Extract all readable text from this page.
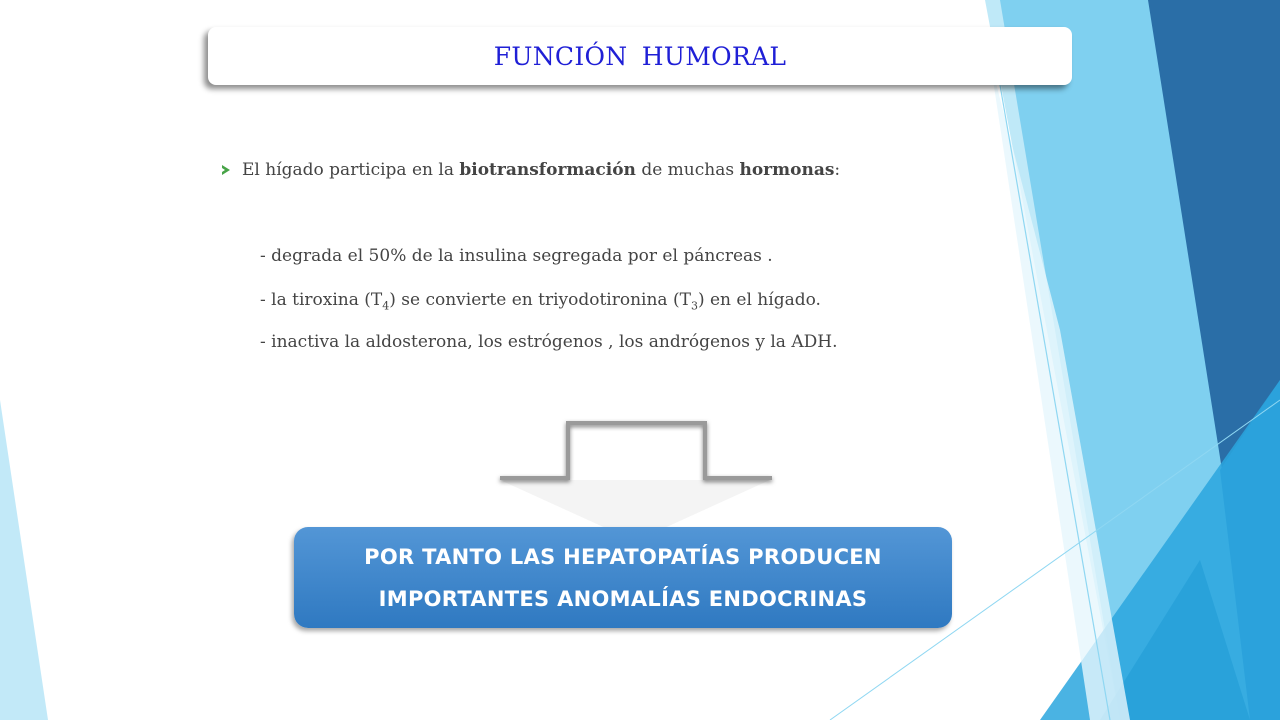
FUNCIÓN HUMORAL
El hígado participa en la biotransformación de muchas hormonas:
- degrada el 50% de la insulina segregada por el páncreas .
- la tiroxina $(T_4)$ se convierte en triyodotironina $(T_3)$ en el hígado.
- inactiva la aldosterona, los estrógenos , los andrógenos y la ADH.
POR TANTO LAS HEPATOPATÍAS PRODUCEN
IMPORTANTES ANOMALÍAS ENDOCRINAS
